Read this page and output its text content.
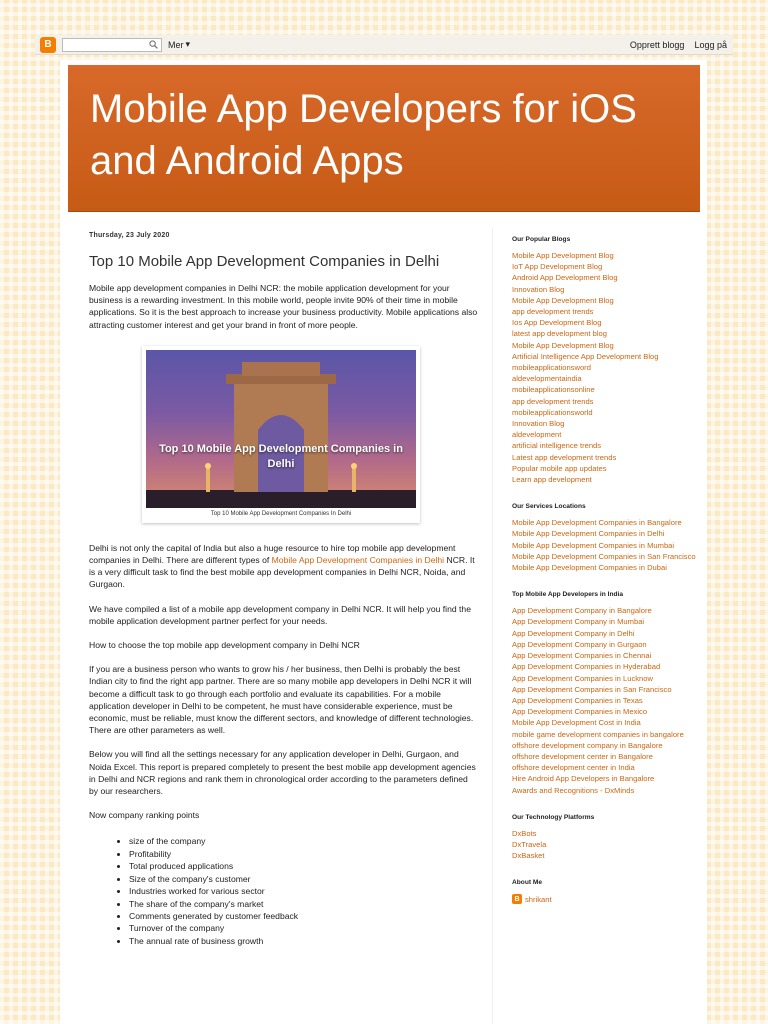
B	Mer ▾	Opprett blogg Logg på
Mobile App Developers for iOS and Android Apps
Thursday, 23 July 2020
Top 10 Mobile App Development Companies in Delhi

Mobile app development companies in Delhi NCR: the mobile application development for your business is a rewarding investment. In this mobile world, people invite 90% of their time in mobile applications. So it is the best approach to increase your business productivity. Mobile applications also attracting customer interest and get your brand in front of more people.

Top 10 Mobile App Development Companies in Delhi
Top 10 Mobile App Development Companies In Delhi

Delhi is not only the capital of India but also a huge resource to hire top mobile app development companies in Delhi. There are different types of Mobile App Development Companies in Delhi NCR. It is a very difficult task to find the best mobile app development companies in Delhi NCR, Noida, and Gurgaon.

We have compiled a list of a mobile app development company in Delhi NCR. It will help you find the mobile application development partner perfect for your needs.

How to choose the top mobile app development company in Delhi NCR

If you are a business person who wants to grow his / her business, then Delhi is probably the best Indian city to find the right app partner. There are so many mobile app developers in Delhi NCR it will become a difficult task to go through each portfolio and evaluate its capabilities. For a mobile application developer in Delhi to be competent, he must have considerable experience, must be economic, must be reliable, must know the different sectors, and knowledge of different technologies. There are other parameters as well.

Below you will find all the settings necessary for any application developer in Delhi, Gurgaon, and Noida Excel. This report is prepared completely to present the best mobile app development agencies in Delhi and NCR regions and rank them in chronological order according to the parameters defined by our researchers.

Now company ranking points

• size of the company
• Profitability
• Total produced applications
• Size of the company's customer
• Industries worked for various sector
• The share of the company's market
• Comments generated by customer feedback
• Turnover of the company
• The annual rate of business growth
Our Popular Blogs
Mobile App Development Blog
IoT App Development Blog
Android App Development Blog
Innovation Blog
Mobile App Development Blog
app development trends
Ios App Development Blog
latest app development blog
Mobile App Development Blog
Artificial Intelligence App Development Blog
mobileapplicationsword
aldevelopmentaindia
mobileapplicationsonline
app development trends
mobileapplicationsworld
Innovation Blog
aldevelopment
artificial intelligence trends
Latest app development trends
Popular mobile app updates
Learn app development
Our Services Locations
Mobile App Development Companies in Bangalore
Mobile App Development Companies in Delhi
Mobile App Development Companies in Mumbai
Mobile App Development Companies in San Francisco
Mobile App Development Companies in Dubai
Top Mobile App Developers in India
App Development Company in Bangalore
App Development Company in Mumbai
App Development Company in Delhi
App Development Company in Gurgaon
App Development Companies in Chennai
App Development Companies in Hyderabad
App Development Companies in Lucknow
App Development Companies in San Francisco
App Development Companies in Texas
App Development Companies in Mexico
Mobile App Development Cost in India
mobile game development companies in bangalore
offshore development company in Bangalore
offshore development center in Bangalore
offshore development center in India
Hire Android App Developers in Bangalore
Awards and Recognitions - DxMinds
Our Technology Platforms
DxBots
DxTravela
DxBasket
About Me
B shrikant
